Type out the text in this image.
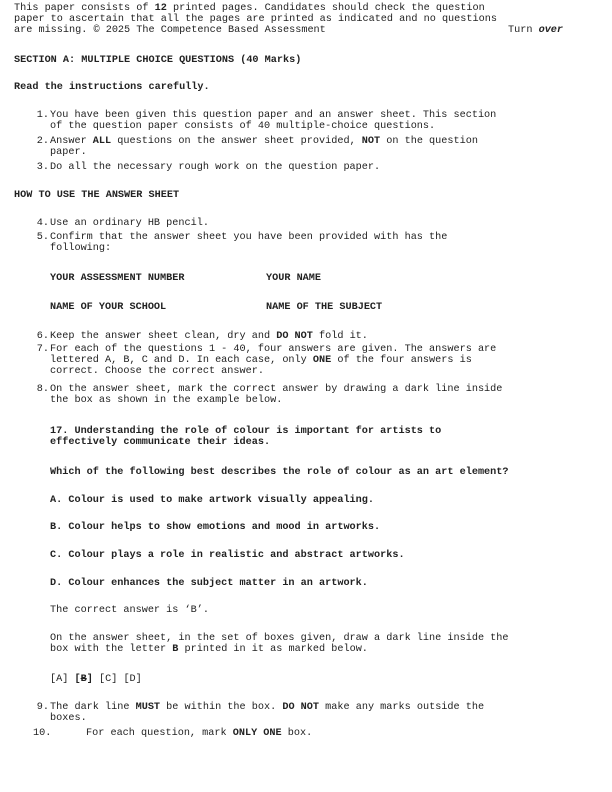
This paper consists of 12 printed pages. Candidates should check the question
paper to ascertain that all the pages are printed as indicated and no questions
are missing. © 2025 The Competence Based Assessment	Turn over
SECTION A: MULTIPLE CHOICE QUESTIONS (40 Marks)
Read the instructions carefully.
1. You have been given this question paper and an answer sheet. This section
of the question paper consists of 40 multiple-choice questions.
2. Answer ALL questions on the answer sheet provided, NOT on the question
paper.
3. Do all the necessary rough work on the question paper.
HOW TO USE THE ANSWER SHEET
4. Use an ordinary HB pencil.
5. Confirm that the answer sheet you have been provided with has the
following:
YOUR ASSESSMENT NUMBER	YOUR NAME
NAME OF YOUR SCHOOL	NAME OF THE SUBJECT
6. Keep the answer sheet clean, dry and DO NOT fold it.
7. For each of the questions 1 - 40, four answers are given. The answers are
lettered A, B, C and D. In each case, only ONE of the four answers is
correct. Choose the correct answer.
8. On the answer sheet, mark the correct answer by drawing a dark line inside
the box as shown in the example below.
17. Understanding the role of colour is important for artists to
effectively communicate their ideas.
Which of the following best describes the role of colour as an art element?
A. Colour is used to make artwork visually appealing.
B. Colour helps to show emotions and mood in artworks.
C. Colour plays a role in realistic and abstract artworks.
D. Colour enhances the subject matter in an artwork.
The correct answer is ‘B’.
On the answer sheet, in the set of boxes given, draw a dark line inside the
box with the letter B printed in it as marked below.
[A] [B] [C] [D]
9. The dark line MUST be within the box. DO NOT make any marks outside the
boxes.
10.	For each question, mark ONLY ONE box.
